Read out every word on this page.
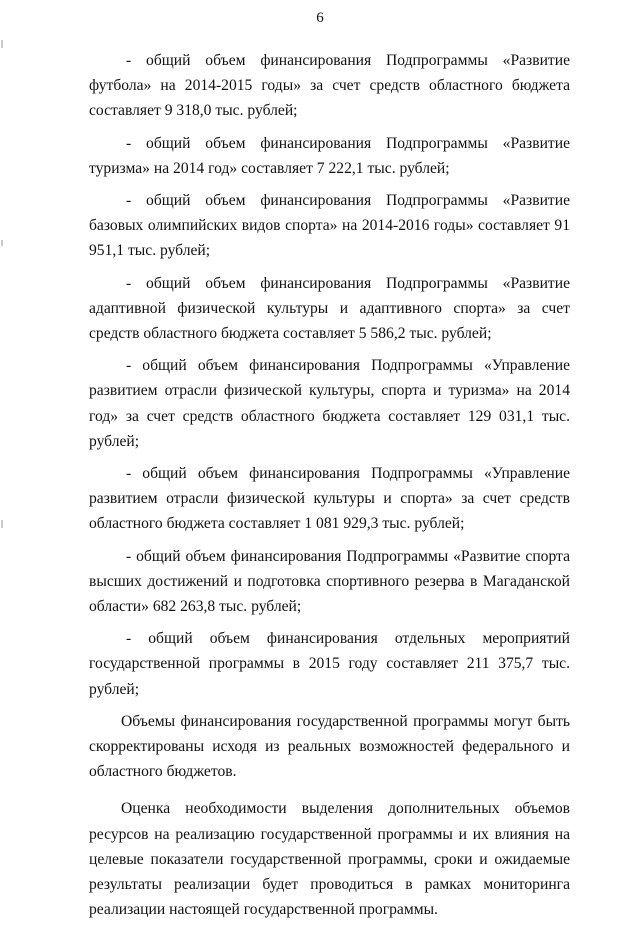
6

- общий объем финансирования Подпрограммы «Развитие футбола» на 2014-2015 годы» за счет средств областного бюджета составляет 9 318,0 тыс. рублей;

- общий объем финансирования Подпрограммы «Развитие туризма» на 2014 год» составляет 7 222,1 тыс. рублей;

- общий объем финансирования Подпрограммы «Развитие базовых олимпийских видов спорта» на 2014-2016 годы» составляет 91 951,1 тыс. рублей;

- общий объем финансирования Подпрограммы «Развитие адаптивной физической культуры и адаптивного спорта» за счет средств областного бюджета составляет 5 586,2 тыс. рублей;

- общий объем финансирования Подпрограммы «Управление развитием отрасли физической культуры, спорта и туризма» на 2014 год» за счет средств областного бюджета составляет 129 031,1 тыс. рублей;

- общий объем финансирования Подпрограммы «Управление развитием отрасли физической культуры и спорта» за счет средств областного бюджета составляет 1 081 929,3 тыс. рублей;

- общий объем финансирования Подпрограммы «Развитие спорта высших достижений и подготовка спортивного резерва в Магаданской области» 682 263,8 тыс. рублей;

- общий объем финансирования отдельных мероприятий государственной программы в 2015 году составляет 211 375,7 тыс. рублей;

Объемы финансирования государственной программы могут быть скорректированы исходя из реальных возможностей федерального и областного бюджетов.

Оценка необходимости выделения дополнительных объемов ресурсов на реализацию государственной программы и их влияния на целевые показатели государственной программы, сроки и ожидаемые результаты реализации будет проводиться в рамках мониторинга реализации настоящей государственной программы.
